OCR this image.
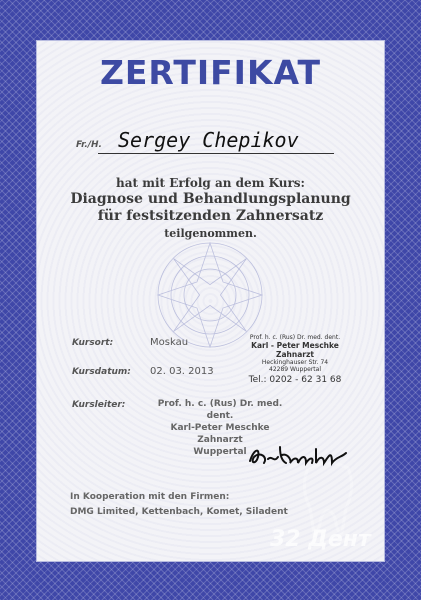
ZERTIFIKAT
Fr./H. Sergey Chepikov
hat mit Erfolg an dem Kurs:
Diagnose und Behandlungsplanung
für festsitzenden Zahnersatz
teilgenommen.
Kursort:	Moskau
Kursdatum: 02. 03. 2013
Prof. h. c. (Rus) Dr. med. dent.
Karl - Peter Meschke
Zahnarzt
Heckinghauser Str. 74
42289 Wuppertal
Tel.: 0202 - 62 31 68
Kursleiter:	Prof. h. c. (Rus) Dr. med. dent.
Karl-Peter Meschke
Zahnarzt
Wuppertal
In Kooperation mit den Firmen:
DMG Limited, Kettenbach, Komet, Siladent
32 Дент
